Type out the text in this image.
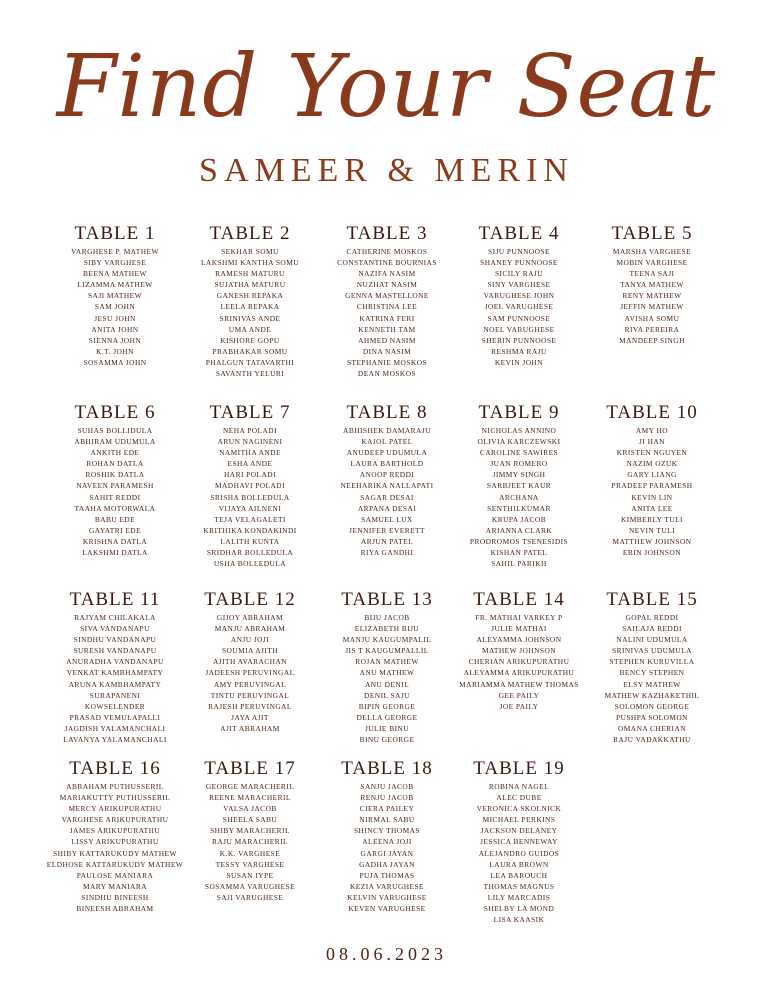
Find Your Seat
SAMEER & MERIN
TABLE 1
VARGHESE P. MATHEW
SIBY VARGHESE
BEENA MATHEW
LIZAMMA MATHEW
SAJI MATHEW
SAM JOHN
JESU JOHN
ANITA JOHN
SIENNA JOHN
K.T. JOHN
SOSAMMA JOHN
TABLE 2
SEKHAR SOMU
LAKSHMI KANTHA SOMU
RAMESH MATURU
SUJATHA MATURU
GANESH REPAKA
LEELA REPAKA
SRINIVAS ANDE
UMA ANDE
KISHORE GOPU
PRABHAKAR SOMU
PHALGUN TATAVARTHI
SAVANTH YELURI
TABLE 3
CATHERINE MOSKOS
CONSTANTINE BOURNIAS
NAZIFA NASIM
NUZHAT NASIM
GENNA MASTELLONE
CHRISTINA LEE
KATRINA FERI
KENNETH TAM
AHMED NASIM
DINA NASIM
STEPHANIE MOSKOS
DEAN MOSKOS
TABLE 4
SIJU PUNNOOSE
SHANEY PUNNOOSE
SICILY RAJU
SINY VARGHESE
VARUGHESE JOHN
JOEL VARUGHESE
SAM PUNNOOSE
NOEL VARUGHESE
SHERIN PUNNOOSE
RESHMA RAJU
KEVIN JOHN
TABLE 5
MARSHA VARGHESE
MOBIN VARGHESE
TEENA SAJI
TANYA MATHEW
RENY MATHEW
JEFFIN MATHEW
AVISHA SOMU
RIVA PEREIRA
MANDEEP SINGH
TABLE 6
SUHAS BOLLIDULA
ABHIRAM UDUMULA
ANKITH EDE
ROHAN DATLA
ROSHIK DATLA
NAVEEN PARAMESH
SAHIT REDDI
TAAHA MOTORWALA
BABU EDE
GAYATRI EDE
KRISHNA DATLA
LAKSHMI DATLA
TABLE 7
NEHA POLADI
ARUN NAGINENI
NAMITHA ANDE
ESHA ANDE
HARI POLADI
MADHAVI POLADI
SRISHA BOLLEDULA
VIJAYA AILNENI
TEJA VELAGALETI
KRITHIKA KONDAKINDI
LALITH KUNTA
SRIDHAR BOLLEDULA
USHA BOLLEDULA
TABLE 8
ABHISHEK DAMARAJU
KAJOL PATEL
ANUDEEP UDUMULA
LAURA BARTHOLD
ANOOP REDDI
NEEHARIKA NALLAPATI
SAGAR DESAI
ARPANA DESAI
SAMUEL LUX
JENNIFER EVERETT
ARJUN PATEL
RIYA GANDHI
TABLE 9
NICHOLAS ANNINO
OLIVIA KARCZEWSKI
CAROLINE SAWIRES
JUAN ROMERO
JIMMY SINGH
SARBJEET KAUR
ARCHANA
SENTHILKUMAR
KRUPA JACOB
ARIANNA CLARK
PRODROMOS TSENESIDIS
KISHAN PATEL
SAHIL PARIKH
TABLE 10
AMY HO
JI HAN
KRISTEN NGUYEN
NAZIM OZUK
GARY LIANG
PRADEEP PARAMESH
KEVIN LIN
ANITA LEE
KIMBERLY TULI
NEVIN TULI
MATTHEW JOHNSON
ERIN JOHNSON
TABLE 11
RAJYAM CHILAKALA
SIVA VANDANAPU
SINDHU VANDANAPU
SURESH VANDANAPU
ANURADHA VANDANAPU
VENKAT KAMBHAMPATY
ARUNA KAMBHAMPATY
SURAPANENI
KOWSELENDER
PRASAD VEMULAPALLI
JAGDISH YALAMANCHALI
LAVANYA YALAMANCHALI
TABLE 12
GIJOY ABRAHAM
MANJU ABRAHAM
ANJU JOJI
SOUMIA AJITH
AJITH AVARACHAN
JADEESH PERUVINGAL
AMY PERUVINGAL
TINTU PERUVINGAL
RAJESH PERUVINGAL
JAYA AJIT
AJIT ABRAHAM
TABLE 13
BIJU JACOB
ELIZABETH BIJU
MANJU KAUGUMPALIL
JIS T KAUGUMPALLIL
ROJAN MATHEW
ANU MATHEW
ANU DENIL
DENIL SAJU
BIPIN GEORGE
DELLA GEORGE
JULIE BINU
BINU GEORGE
TABLE 14
FR. MATHAI VARKEY P
JULIE MATHAI
ALEYAMMA JOHNSON
MATHEW JOHNSON
CHERIAN ARIKUPURATHU
ALEYAMMA ARIKUPURATHU
MARIAMMA MATHEW THOMAS
GEE PAILY
JOE PAILY
TABLE 15
GOPAL REDDI
SAILAJA REDDI
NALINI UDUMULA
SRINIVAS UDUMULA
STEPHEN KURUVILLA
BENCY STEPHEN
ELSY MATHEW
MATHEW KAZHAKETHIL
SOLOMON GEORGE
PUSHPA SOLOMON
OMANA CHERIAN
RAJU VADAKKATHU
TABLE 16
ABRAHAM PUTHUSSERIL
MARIAKUTTY PUTHUSSERIL
MERCY ARIKUPURATHU
VARGHESE ARIKUPURATHU
JAMES ARIKUPURATHU
LISSY ARIKUPURATHU
SHIBY KATTARUKUDY MATHEW
ELDHOSE KATTARUKUDY MATHEW
PAULOSE MANIARA
MARY MANIARA
SINDHU BINEESH
BINEESH ABRAHAM
TABLE 17
GEORGE MARACHERIL
REENE MARACHERIL
VALSA JACOB
SHEELA SABU
SHIBY MARACHERIL
RAJU MARACHERIL
K.K. VARGHESE
TESSY VARGHESE
SUSAN IYPE
SOSAMMA VARUGHESE
SAJI VARUGHESE
TABLE 18
SANJU JACOB
RENJU JACOB
CIERA PAILEY
NIRMAL SABU
SHINCY THOMAS
ALEENA JOJI
GARGI JAYAN
GADHA JAYAN
PUJA THOMAS
KEZIA VARUGHESE
KELVIN VARUGHESE
KEVEN VARUGHESE
TABLE 19
ROBINA NAGEL
ALEC DUBE
VERONICA SKOLNICK
MICHAEL PERKINS
JACKSON DELANEY
JESSICA BENNEWAY
ALEJANDRO GUIDOS
LAURA BROWN
LEA BAROUCH
THOMAS MAGNUS
LILY MARCADIS
SHELBY LA MOND
LISA KAASIK
08.06.2023
